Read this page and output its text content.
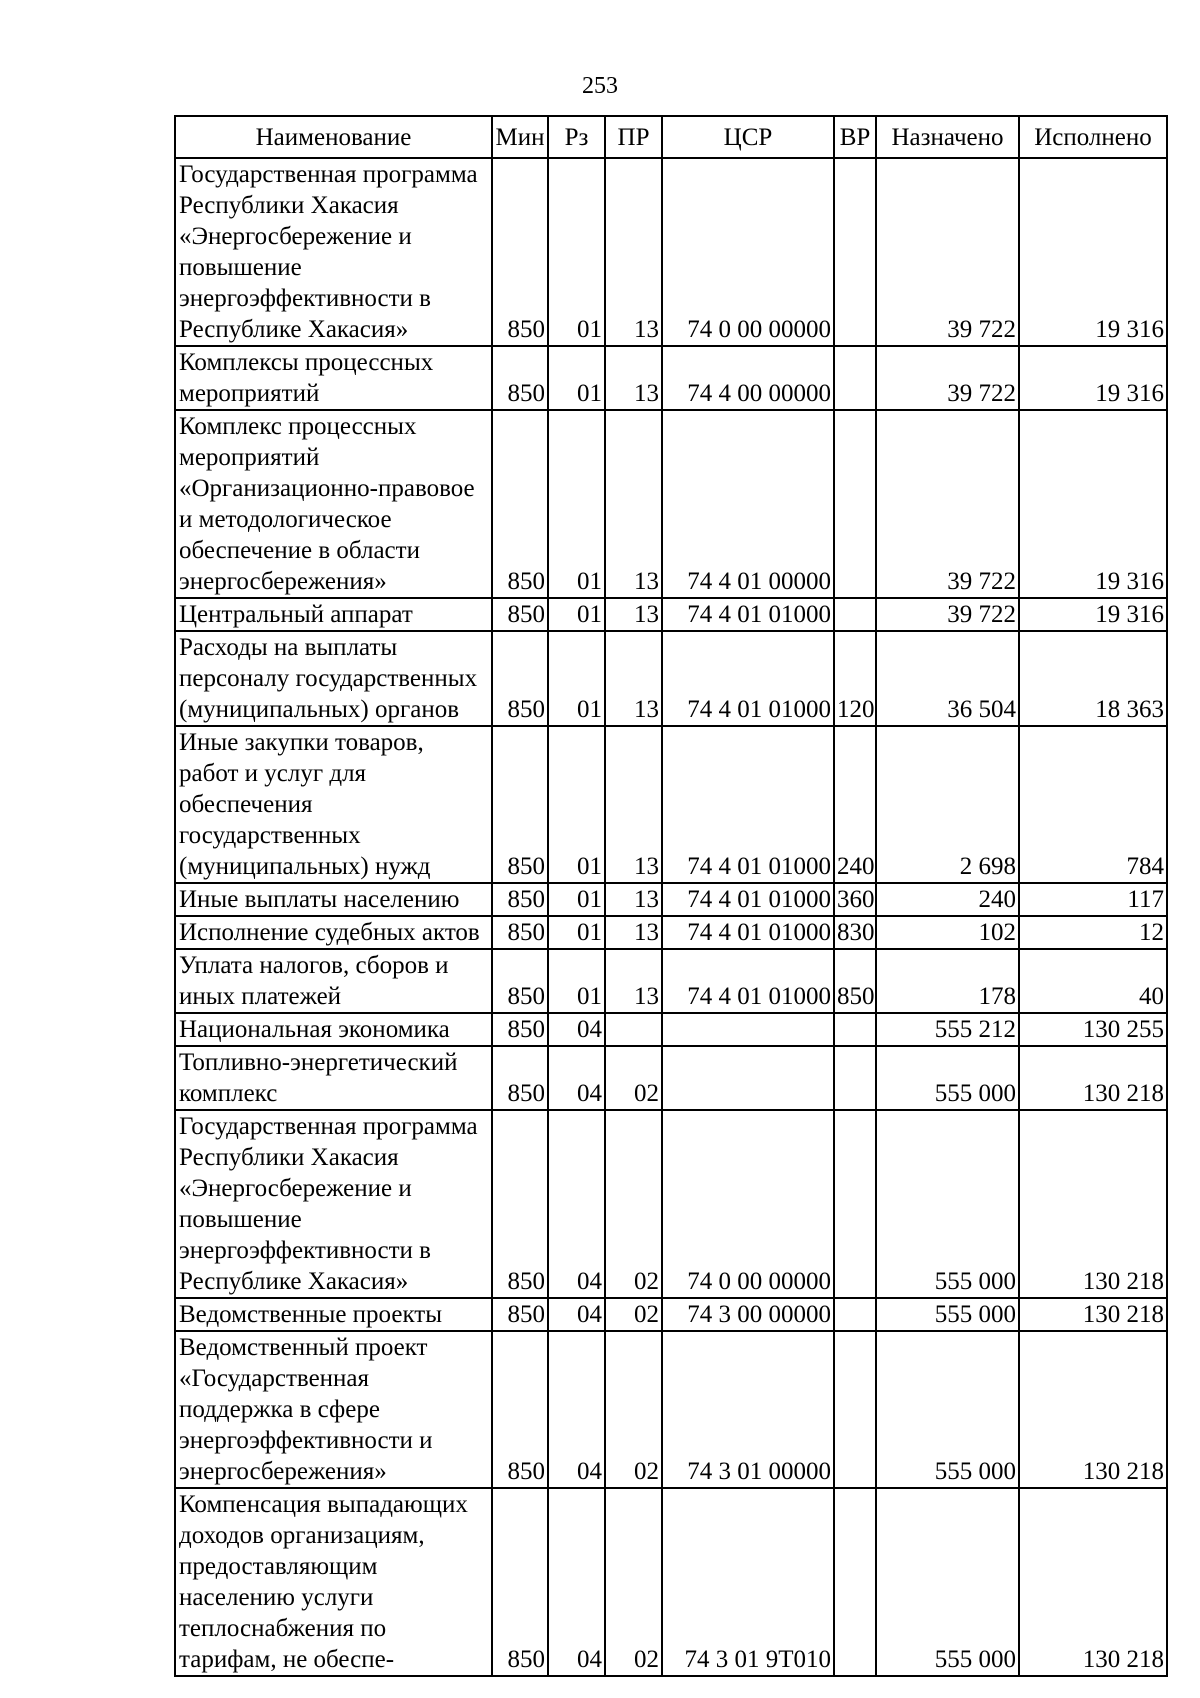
253
Наименование	Мин	Рз	ПР	ЦСР	ВР	Назначено	Исполнено
Государственная программа Республики Хакасия «Энергосбережение и повышение энергоэффективности в Республике Хакасия»	850	01	13	74 0 00 00000		39 722	19 316
Комплексы процессных мероприятий	850	01	13	74 4 00 00000		39 722	19 316
Комплекс процессных мероприятий «Организационно-правовое и методологическое обеспечение в области энергосбережения»	850	01	13	74 4 01 00000		39 722	19 316
Центральный аппарат	850	01	13	74 4 01 01000		39 722	19 316
Расходы на выплаты персоналу государственных (муниципальных) органов	850	01	13	74 4 01 01000	120	36 504	18 363
Иные закупки товаров, работ и услуг для обеспечения государственных (муниципальных) нужд	850	01	13	74 4 01 01000	240	2 698	784
Иные выплаты населению	850	01	13	74 4 01 01000	360	240	117
Исполнение судебных актов	850	01	13	74 4 01 01000	830	102	12
Уплата налогов, сборов и иных платежей	850	01	13	74 4 01 01000	850	178	40
Национальная экономика	850	04				555 212	130 255
Топливно-энергетический комплекс	850	04	02			555 000	130 218
Государственная программа Республики Хакасия «Энергосбережение и повышение энергоэффективности в Республике Хакасия»	850	04	02	74 0 00 00000		555 000	130 218
Ведомственные проекты	850	04	02	74 3 00 00000		555 000	130 218
Ведомственный проект «Государственная поддержка в сфере энергоэффективности и энергосбережения»	850	04	02	74 3 01 00000		555 000	130 218
Компенсация выпадающих доходов организациям, предоставляющим населению услуги теплоснабжения по тарифам, не обеспе-	850	04	02	74 3 01 9Т010		555 000	130 218
